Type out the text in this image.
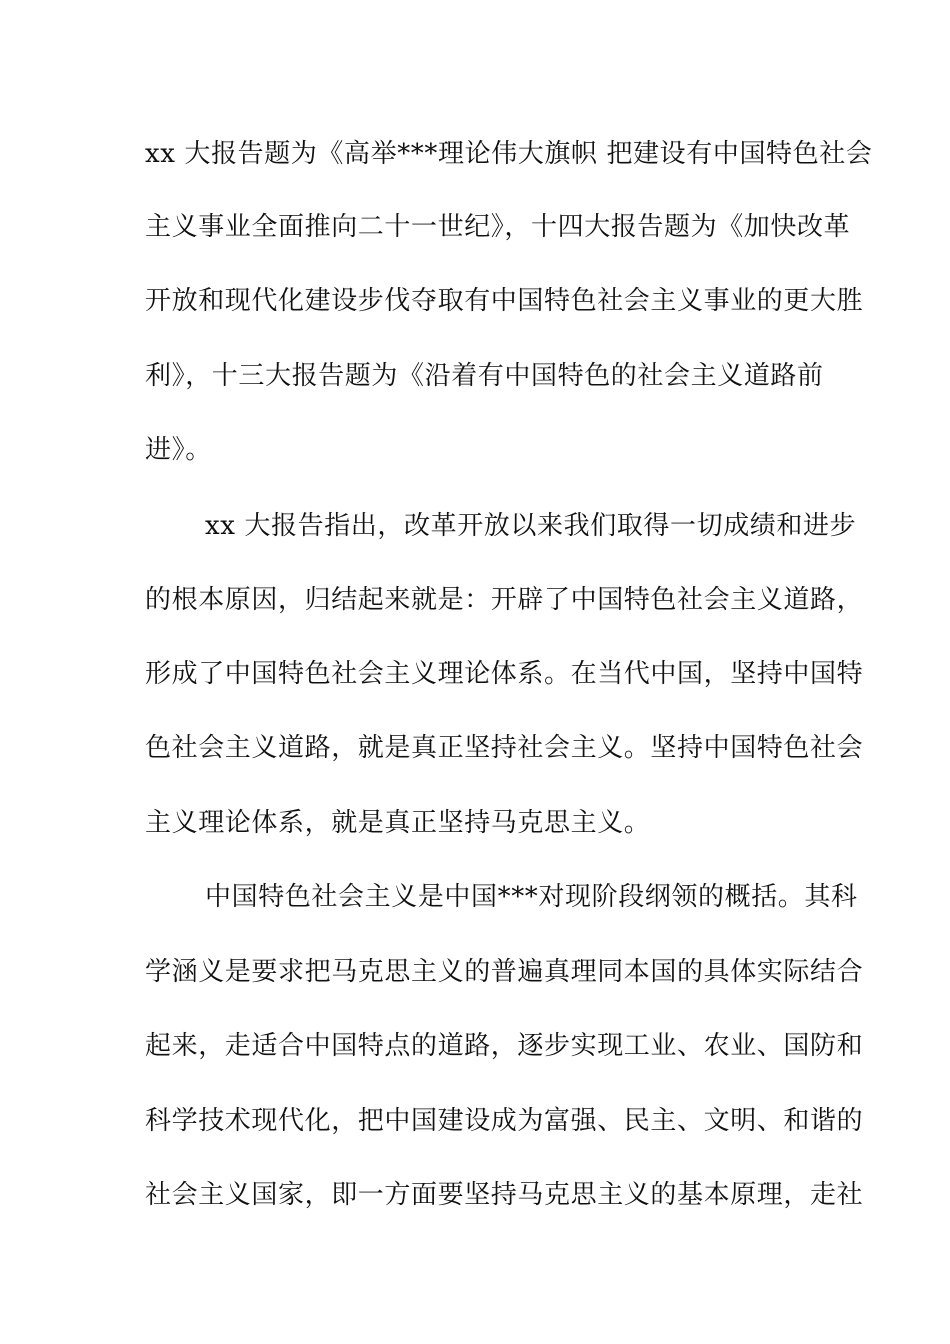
xx 大报告题为《高举***理论伟大旗帜 把建设有中国特色社会
主义事业全面推向二十一世纪》，十四大报告题为《加快改革
开放和现代化建设步伐夺取有中国特色社会主义事业的更大胜
利》，十三大报告题为《沿着有中国特色的社会主义道路前
进》。
xx 大报告指出，改革开放以来我们取得一切成绩和进步
的根本原因，归结起来就是：开辟了中国特色社会主义道路，
形成了中国特色社会主义理论体系。在当代中国，坚持中国特
色社会主义道路，就是真正坚持社会主义。坚持中国特色社会
主义理论体系，就是真正坚持马克思主义。
中国特色社会主义是中国***对现阶段纲领的概括。其科
学涵义是要求把马克思主义的普遍真理同本国的具体实际结合
起来，走适合中国特点的道路，逐步实现工业、农业、国防和
科学技术现代化，把中国建设成为富强、民主、文明、和谐的
社会主义国家，即一方面要坚持马克思主义的基本原理，走社
